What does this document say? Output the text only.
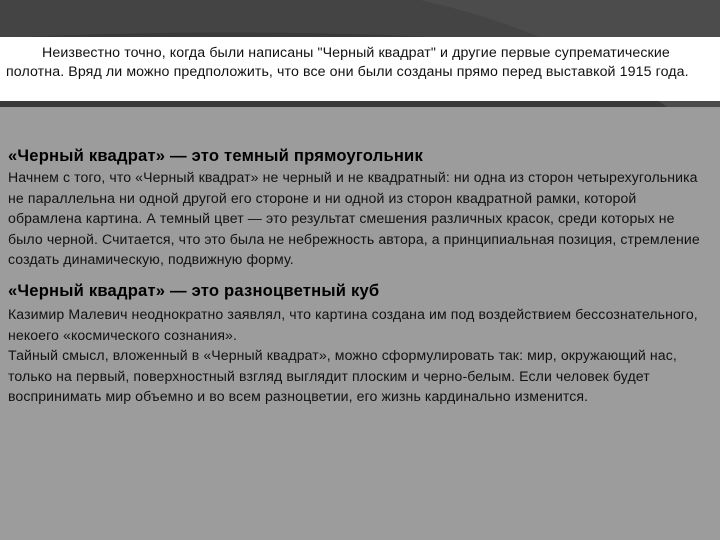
Неизвестно точно, когда были написаны "Черный квадрат" и другие первые супрематические полотна. Вряд ли можно предположить, что все они были созданы прямо перед выставкой 1915 года.

«Черный квадрат» — это темный прямоугольник

Начнем с того, что «Черный квадрат» не черный и не квадратный: ни одна из сторон четырехугольника не параллельна ни одной другой его стороне и ни одной из сторон квадратной рамки, которой обрамлена картина. А темный цвет — это результат смешения различных красок, среди которых не было черной. Считается, что это была не небрежность автора, а принципиальная позиция, стремление создать динамическую, подвижную форму.

«Черный квадрат» — это разноцветный куб

Казимир Малевич неоднократно заявлял, что картина создана им под воздействием бессознательного, некоего «космического сознания».

Тайный смысл, вложенный в «Черный квадрат», можно сформулировать так: мир, окружающий нас, только на первый, поверхностный взгляд выглядит плоским и черно-белым. Если человек будет воспринимать мир объемно и во всем разноцветии, его жизнь кардинально изменится.
